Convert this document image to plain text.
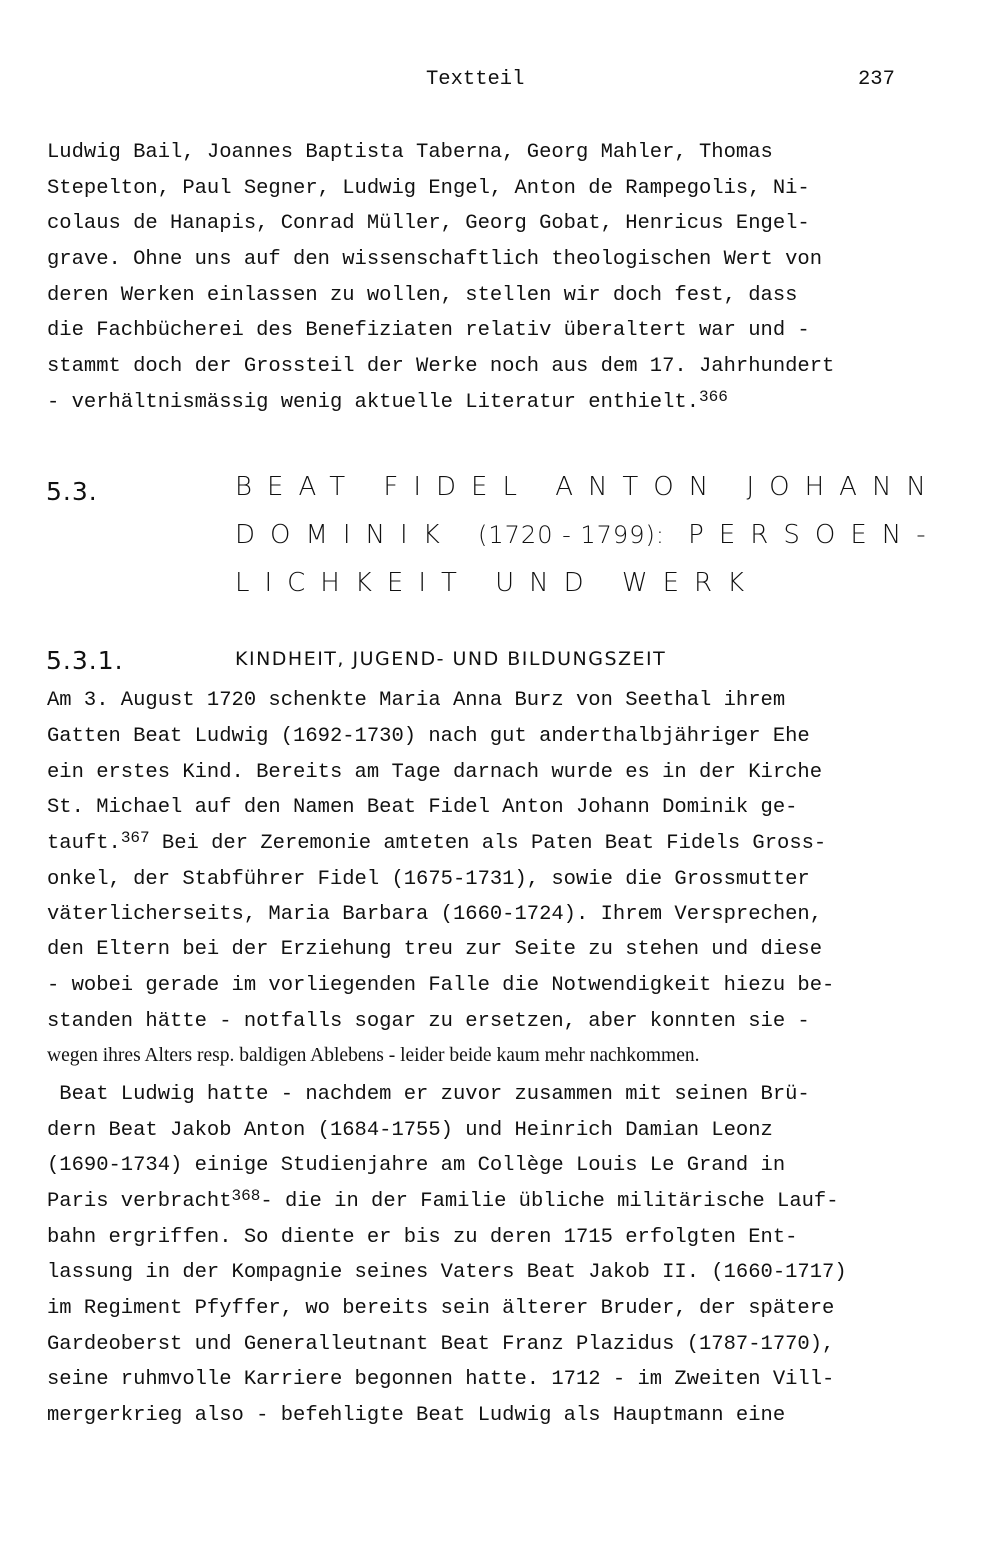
Textteil	237
Ludwig Bail, Joannes Baptista Taberna, Georg Mahler, Thomas
Stepelton, Paul Segner, Ludwig Engel, Anton de Rampegolis, Ni-
colaus de Hanapis, Conrad Müller, Georg Gobat, Henricus Engel-
grave. Ohne uns auf den wissenschaftlich theologischen Wert von
deren Werken einlassen zu wollen, stellen wir doch fest, dass
die Fachbücherei des Benefiziaten relativ überaltert war und -
stammt doch der Grossteil der Werke noch aus dem 17. Jahrhundert
- verhältnismässig wenig aktuelle Literatur enthielt.$^{366}$
5.3.	BEAT FIDEL ANTON JOHANN
DOMINIK (1720 - 1799): PERSOEN-
LICHKEIT UND WERK
5.3.1.	KINDHEIT, JUGEND- UND BILDUNGSZEIT
Am 3. August 1720 schenkte Maria Anna Burz von Seethal ihrem
Gatten Beat Ludwig (1692-1730) nach gut anderthalbjähriger Ehe
ein erstes Kind. Bereits am Tage darnach wurde es in der Kirche
St. Michael auf den Namen Beat Fidel Anton Johann Dominik ge-
tauft.$^{367}$ Bei der Zeremonie amteten als Paten Beat Fidels Gross-
onkel, der Stabführer Fidel (1675-1731), sowie die Grossmutter
väterlicherseits, Maria Barbara (1660-1724). Ihrem Versprechen,
den Eltern bei der Erziehung treu zur Seite zu stehen und diese
- wobei gerade im vorliegenden Falle die Notwendigkeit hiezu be-
standen hätte - notfalls sogar zu ersetzen, aber konnten sie -
wegen ihres Alters resp. baldigen Ablebens - leider beide kaum mehr nachkommen.
Beat Ludwig hatte - nachdem er zuvor zusammen mit seinen Brü-
dern Beat Jakob Anton (1684-1755) und Heinrich Damian Leonz
(1690-1734) einige Studienjahre am Collège Louis Le Grand in
Paris verbracht$^{368}$- die in der Familie übliche militärische Lauf-
bahn ergriffen. So diente er bis zu deren 1715 erfolgten Ent-
lassung in der Kompagnie seines Vaters Beat Jakob II. (1660-1717)
im Regiment Pfyffer, wo bereits sein älterer Bruder, der spätere
Gardeoberst und Generalleutnant Beat Franz Plazidus (1787-1770),
seine ruhmvolle Karriere begonnen hatte. 1712 - im Zweiten Vill-
mergerkrieg also - befehligte Beat Ludwig als Hauptmann eine
